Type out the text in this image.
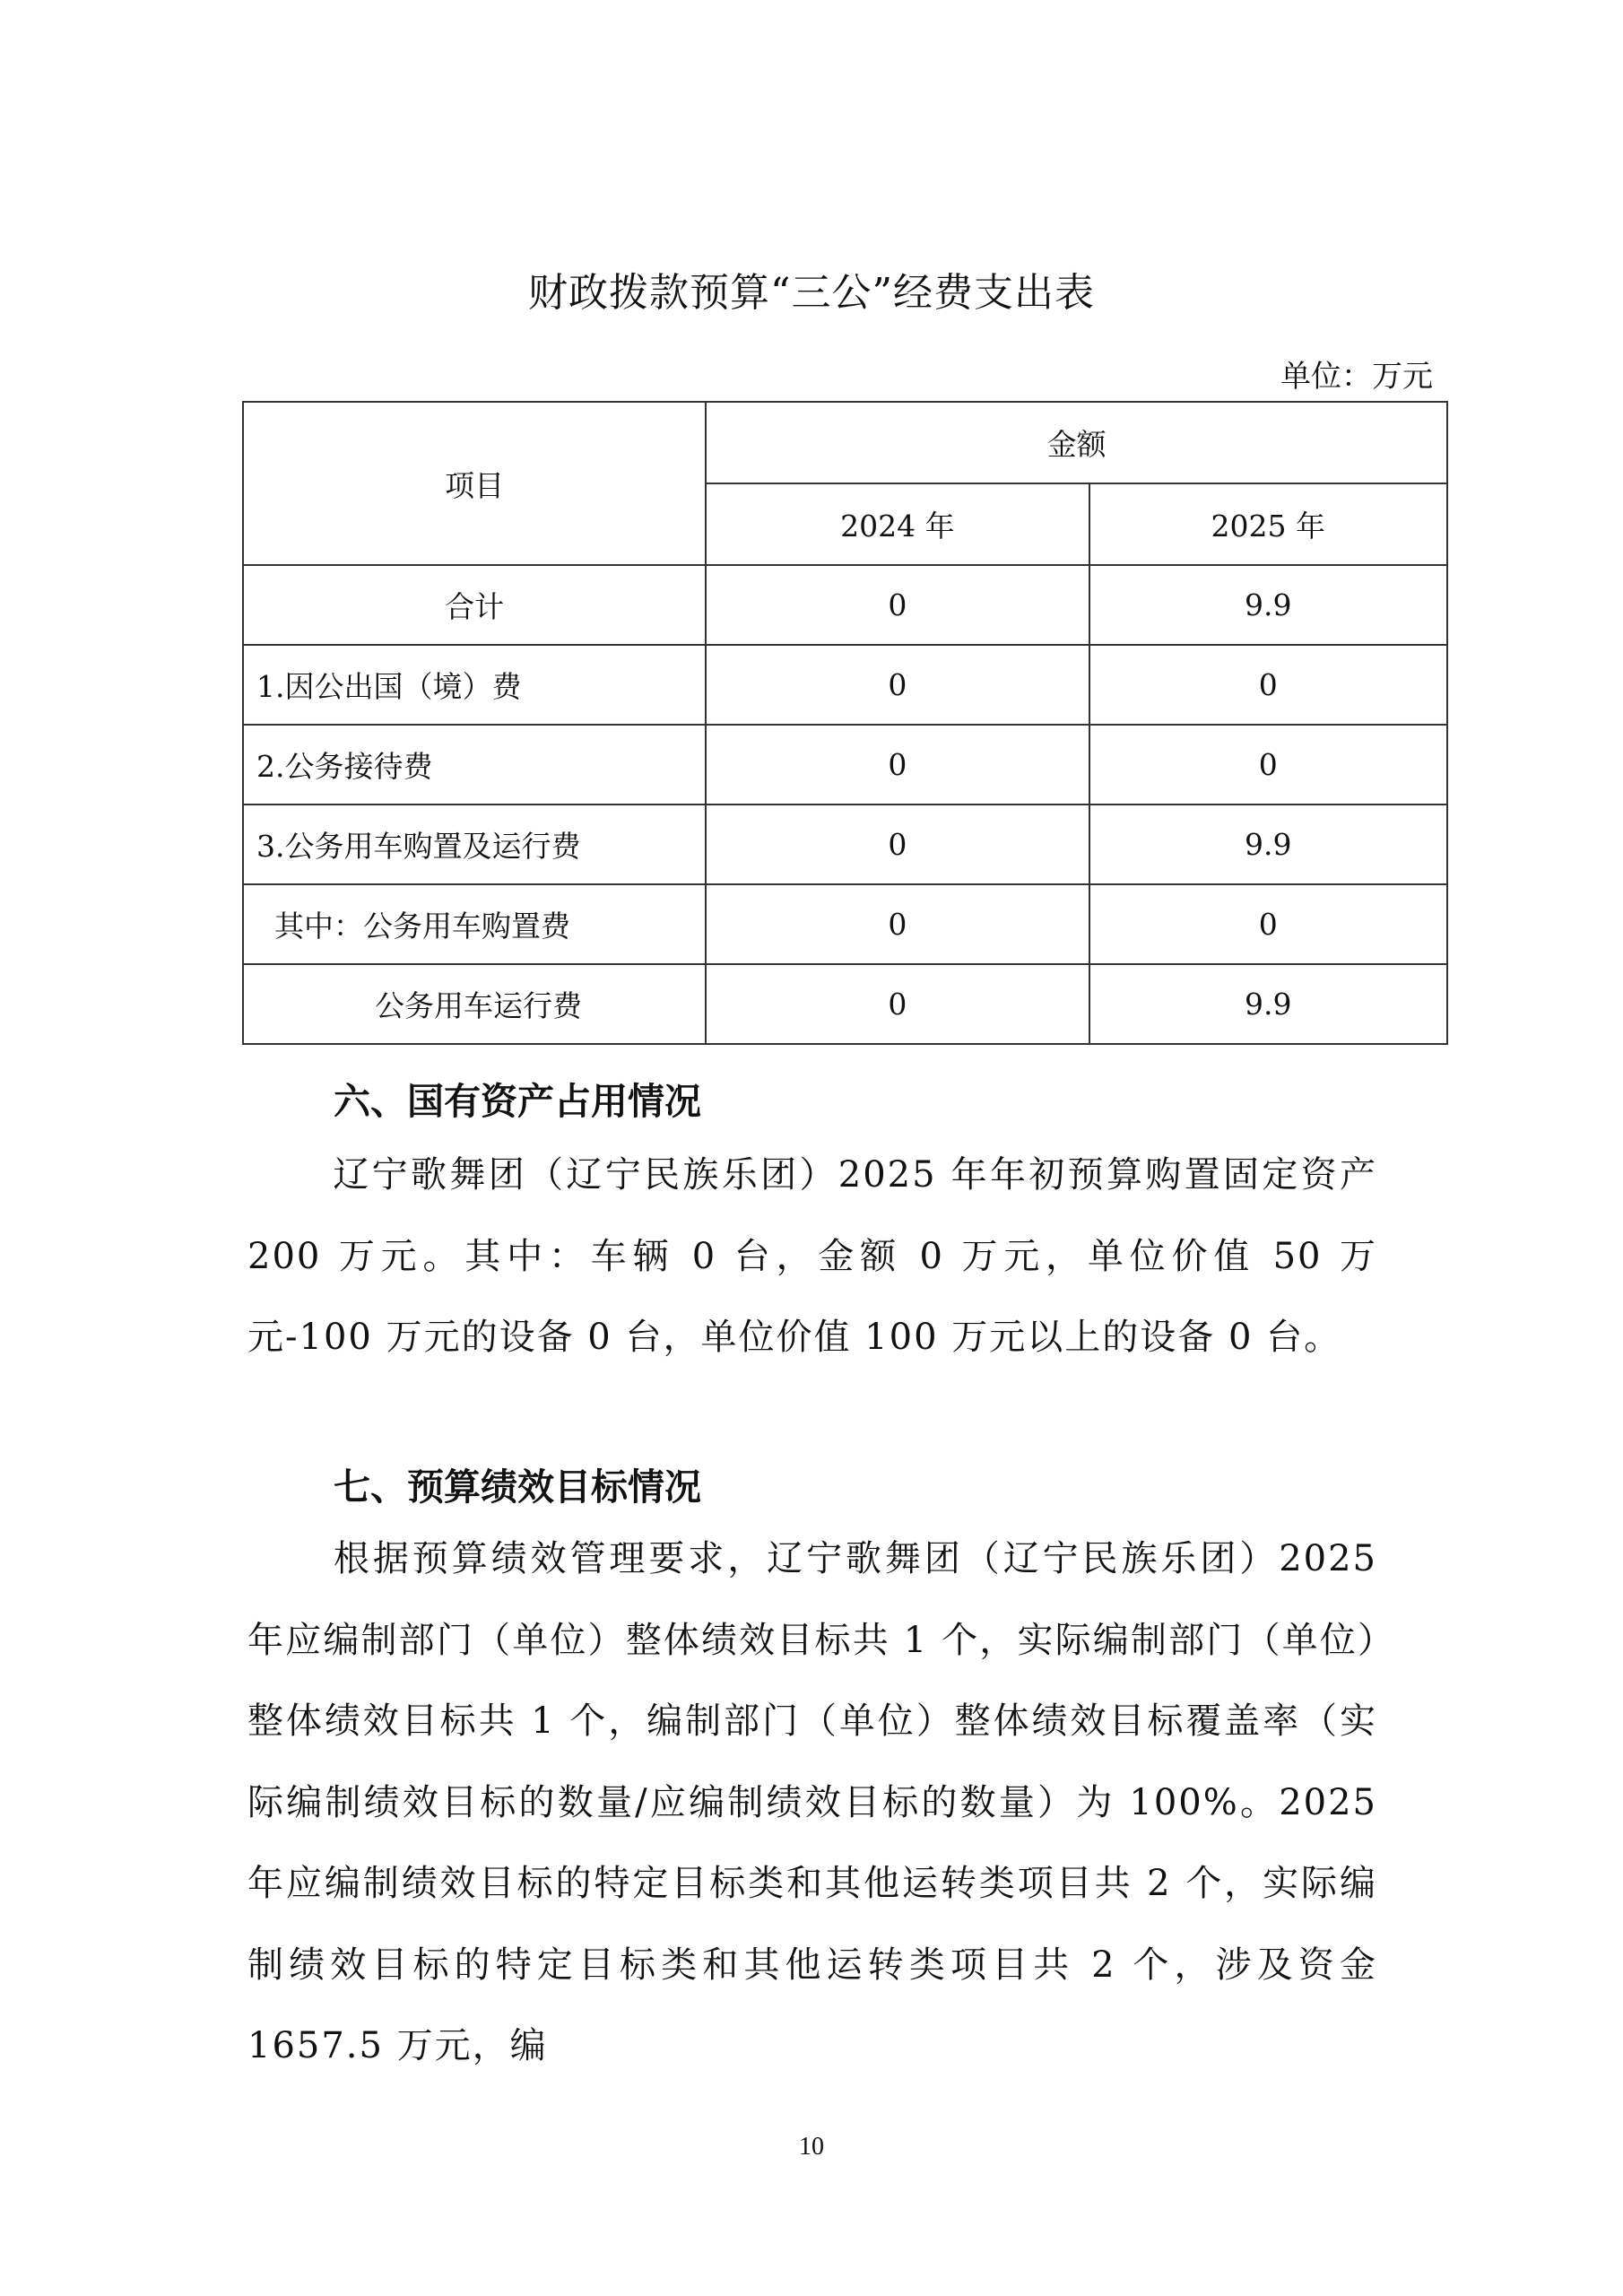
财政拨款预算“三公”经费支出表
单位：万元
项目	金额	
	2024 年	2025 年
合计	0	9.9
1.因公出国（境）费	0	0
2.公务接待费	0	0
3.公务用车购置及运行费	0	9.9
其中：公务用车购置费	0	0
公务用车运行费	0	9.9
六、国有资产占用情况
辽宁歌舞团（辽宁民族乐团）2025 年年初预算购置固定资产 200 万元。其中：车辆 0 台，金额 0 万元，单位价值 50 万元-100 万元的设备 0 台，单位价值 100 万元以上的设备 0 台。
七、预算绩效目标情况
根据预算绩效管理要求，辽宁歌舞团（辽宁民族乐团）2025 年应编制部门（单位）整体绩效目标共 1 个，实际编制部门（单位）整体绩效目标共 1 个，编制部门（单位）整体绩效目标覆盖率（实际编制绩效目标的数量/应编制绩效目标的数量）为 100%。2025 年应编制绩效目标的特定目标类和其他运转类项目共 2 个，实际编制绩效目标的特定目标类和其他运转类项目共 2 个，涉及资金 1657.5 万元，编
10
